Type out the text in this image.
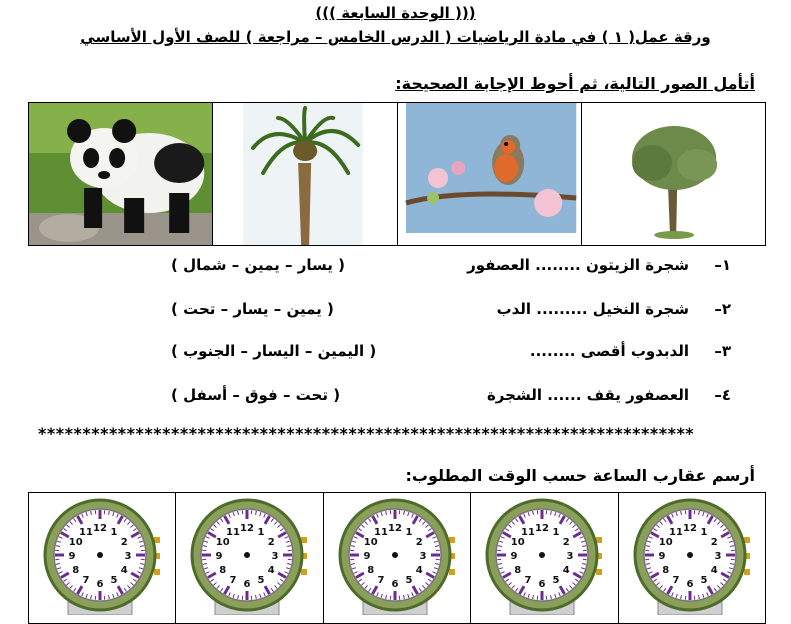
((( الوحدة السابعة )))
ورقة عمل( ١ ) في مادة الرياضيات ( الدرس الخامس – مراجعة ) للصف الأول الأساسي
أتأمل الصور التالية، ثم أحوط الإجابة الصحيحة:
١–شجرة الزيتون ........ العصفور
( يسار – يمين – شمال )
٢–شجرة النخيل ......... الدب
( يمين – يسار – تحت )
٣–الدبدوب أقصى ........
( اليمين – اليسار – الجنوب )
٤–العصفور يقف ...... الشجرة
( تحت – فوق – أسفل )
**************************************************************************
أرسم عقارب الساعة حسب الوقت المطلوب:
12 1
2
3
4
5
6
7
8
9
10
11	12 1
2
3
4
5
6
7
8
9
10
11	12 1
2
3
4
5
6
7
8
9
10
11	12 1
2
3
4
5
6
7
8
9
10
11	12 1
2
3
4
5
6
7
8
9
10
11
